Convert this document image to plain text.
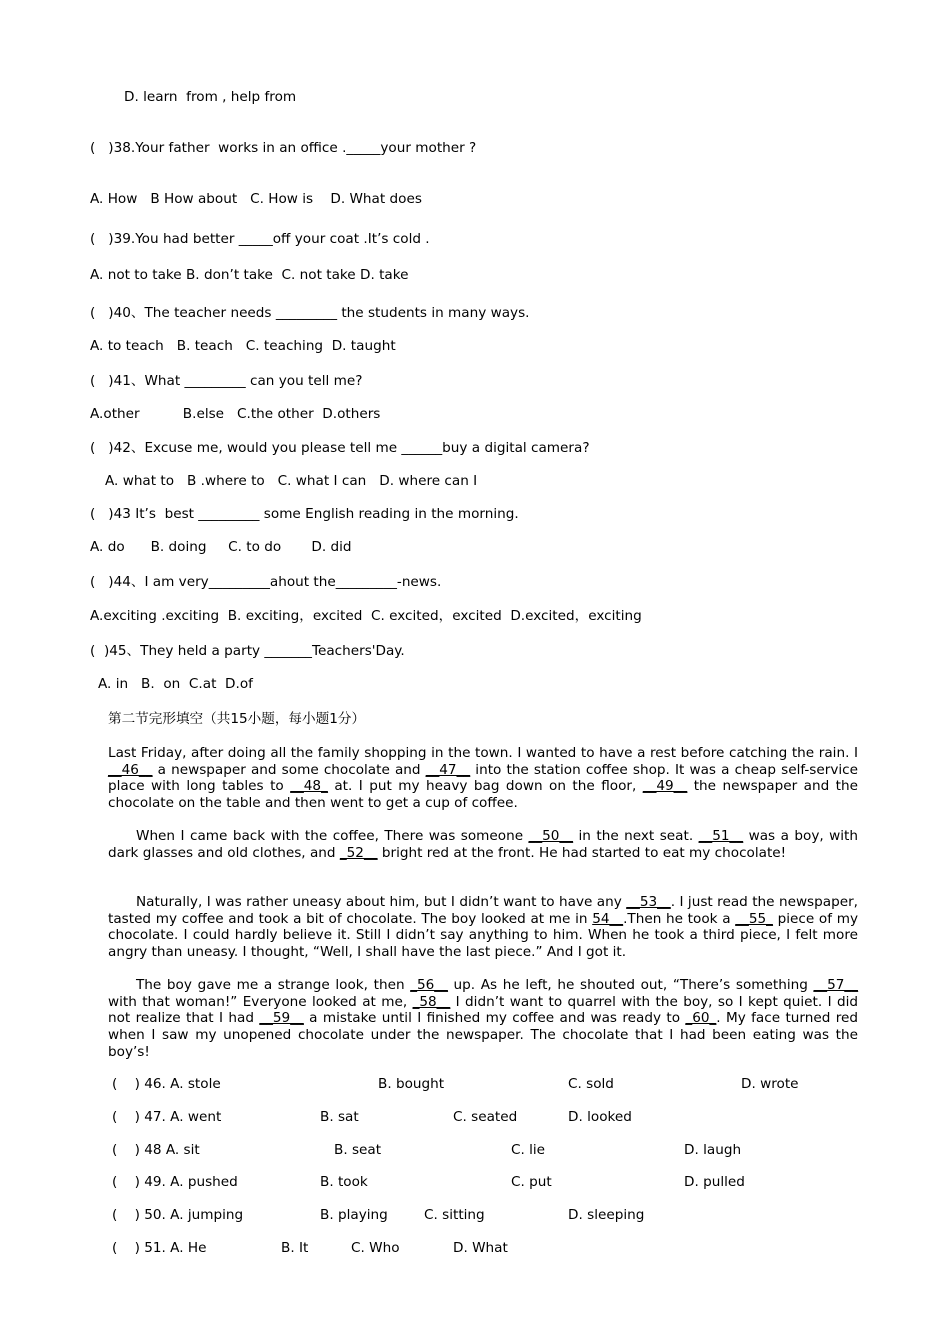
D. learn  from , help from
(   )38.Your father  works in an office ._____your mother ?
A. How   B How about   C. How is    D. What does
(   )39.You had better _____off your coat .It’s cold .
A. not to take B. don’t take  C. not take D. take
(   )40、The teacher needs _________ the students in many ways.
A. to teach   B. teach   C. teaching  D. taught
(   )41、What _________ can you tell me?
A.other          B.else   C.the other  D.others
(   )42、Excuse me, would you please tell me ______buy a digital camera?
A. what to   B .where to   C. what I can   D. where can I
(   )43 It’s  best _________ some English reading in the morning.
A. do      B. doing     C. to do       D. did
(   )44、I am very_________ahout the_________-news.
A.exciting .exciting  B. exciting，excited  C. excited，excited  D.excited，exciting
(  )45、They held a party _______Teachers'Day.
A. in   B.  on  C.at  D.of
第二节完形填空（共15小题，每小题1分）
Last Friday, after doing all the family shopping in the town. I wanted to have a rest before catching the rain. I __46__ a newspaper and some chocolate and __47__ into the station coffee shop. It was a cheap self-service place with long tables to __48_ at. I put my heavy bag down on the floor, __49__ the newspaper and the chocolate on the table and then went to get a cup of coffee.
When I came back with the coffee, There was someone __50__ in the next seat. __51__ was a boy, with dark glasses and old clothes, and _52__ bright red at the front. He had started to eat my chocolate!
Naturally, I was rather uneasy about him, but I didn’t want to have any __53__. I just read the newspaper, tasted my coffee and took a bit of chocolate. The boy looked at me in 54__.Then he took a __55_ piece of my chocolate. I could hardly believe it. Still I didn’t say anything to him. When he took a third piece, I felt more angry than uneasy. I thought, “Well, I shall have the last piece.” And I got it.
The boy gave me a strange look, then _56__ up. As he left, he shouted out, “There’s something __57__ with that woman!” Everyone looked at me, _58__ I didn’t want to quarrel with the boy, so I kept quiet. I did not realize that I had __59__ a mistake until I finished my coffee and was ready to _60_. My face turned red when I saw my unopened chocolate under the newspaper. The chocolate that I had been eating was the boy’s!
(    ) 46. A. stole	B. bought	C. sold	D. wrote
(    ) 47. A. went	B. sat	C. seated	D. looked
(    ) 48 A. sit	B. seat	C. lie	D. laugh
(    ) 49. A. pushed	B. took	C. put	D. pulled
(    ) 50. A. jumping	B. playing	C. sitting	D. sleeping
(    ) 51. A. He	B. It	C. Who	D. What
